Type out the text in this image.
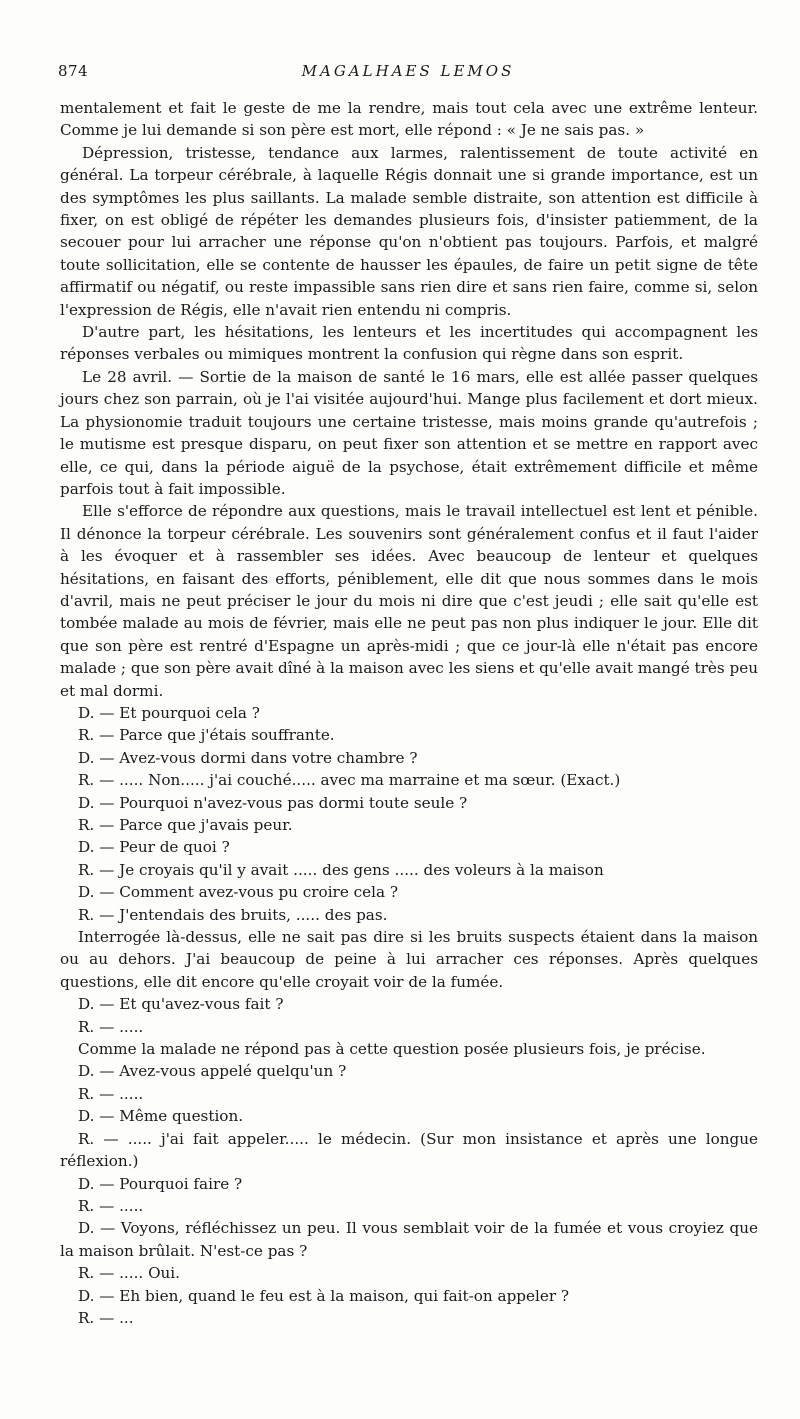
874	MAGALHAES LEMOS

mentalement et fait le geste de me la rendre, mais tout cela avec une extrême lenteur. Comme je lui demande si son père est mort, elle répond : « Je ne sais pas. »

Dépression, tristesse, tendance aux larmes, ralentissement de toute activité en général. La torpeur cérébrale, à laquelle Régis donnait une si grande importance, est un des symptômes les plus saillants. La malade semble distraite, son attention est difficile à fixer, on est obligé de répéter les demandes plusieurs fois, d'insister patiemment, de la secouer pour lui arracher une réponse qu'on n'obtient pas toujours. Parfois, et malgré toute sollicitation, elle se contente de hausser les épaules, de faire un petit signe de tête affirmatif ou négatif, ou reste impassible sans rien dire et sans rien faire, comme si, selon l'expression de Régis, elle n'avait rien entendu ni compris.

D'autre part, les hésitations, les lenteurs et les incertitudes qui accompagnent les réponses verbales ou mimiques montrent la confusion qui règne dans son esprit.

Le 28 avril. — Sortie de la maison de santé le 16 mars, elle est allée passer quelques jours chez son parrain, où je l'ai visitée aujourd'hui. Mange plus facilement et dort mieux. La physionomie traduit toujours une certaine tristesse, mais moins grande qu'autrefois ; le mutisme est presque disparu, on peut fixer son attention et se mettre en rapport avec elle, ce qui, dans la période aiguë de la psychose, était extrêmement difficile et même parfois tout à fait impossible.

Elle s'efforce de répondre aux questions, mais le travail intellectuel est lent et pénible. Il dénonce la torpeur cérébrale. Les souvenirs sont généralement confus et il faut l'aider à les évoquer et à rassembler ses idées. Avec beaucoup de lenteur et quelques hésitations, en faisant des efforts, péniblement, elle dit que nous sommes dans le mois d'avril, mais ne peut préciser le jour du mois ni dire que c'est jeudi ; elle sait qu'elle est tombée malade au mois de février, mais elle ne peut pas non plus indiquer le jour. Elle dit que son père est rentré d'Espagne un après-midi ; que ce jour-là elle n'était pas encore malade ; que son père avait dîné à la maison avec les siens et qu'elle avait mangé très peu et mal dormi.

D. — Et pourquoi cela ?

R. — Parce que j'étais souffrante.

D. — Avez-vous dormi dans votre chambre ?

R. — ..... Non..... j'ai couché..... avec ma marraine et ma sœur. (Exact.)

D. — Pourquoi n'avez-vous pas dormi toute seule ?

R. — Parce que j'avais peur.

D. — Peur de quoi ?

R. — Je croyais qu'il y avait ..... des gens ..... des voleurs à la maison

D. — Comment avez-vous pu croire cela ?

R. — J'entendais des bruits, ..... des pas.

Interrogée là-dessus, elle ne sait pas dire si les bruits suspects étaient dans la maison ou au dehors. J'ai beaucoup de peine à lui arracher ces réponses. Après quelques questions, elle dit encore qu'elle croyait voir de la fumée.

D. — Et qu'avez-vous fait ?

R. — .....

Comme la malade ne répond pas à cette question posée plusieurs fois, je précise.

D. — Avez-vous appelé quelqu'un ?

R. — .....

D. — Même question.

R. — ..... j'ai fait appeler..... le médecin. (Sur mon insistance et après une longue réflexion.)

D. — Pourquoi faire ?

R. — .....

D. — Voyons, réfléchissez un peu. Il vous semblait voir de la fumée et vous croyiez que la maison brûlait. N'est-ce pas ?

R. — ..... Oui.

D. — Eh bien, quand le feu est à la maison, qui fait-on appeler ?

R. — ...
